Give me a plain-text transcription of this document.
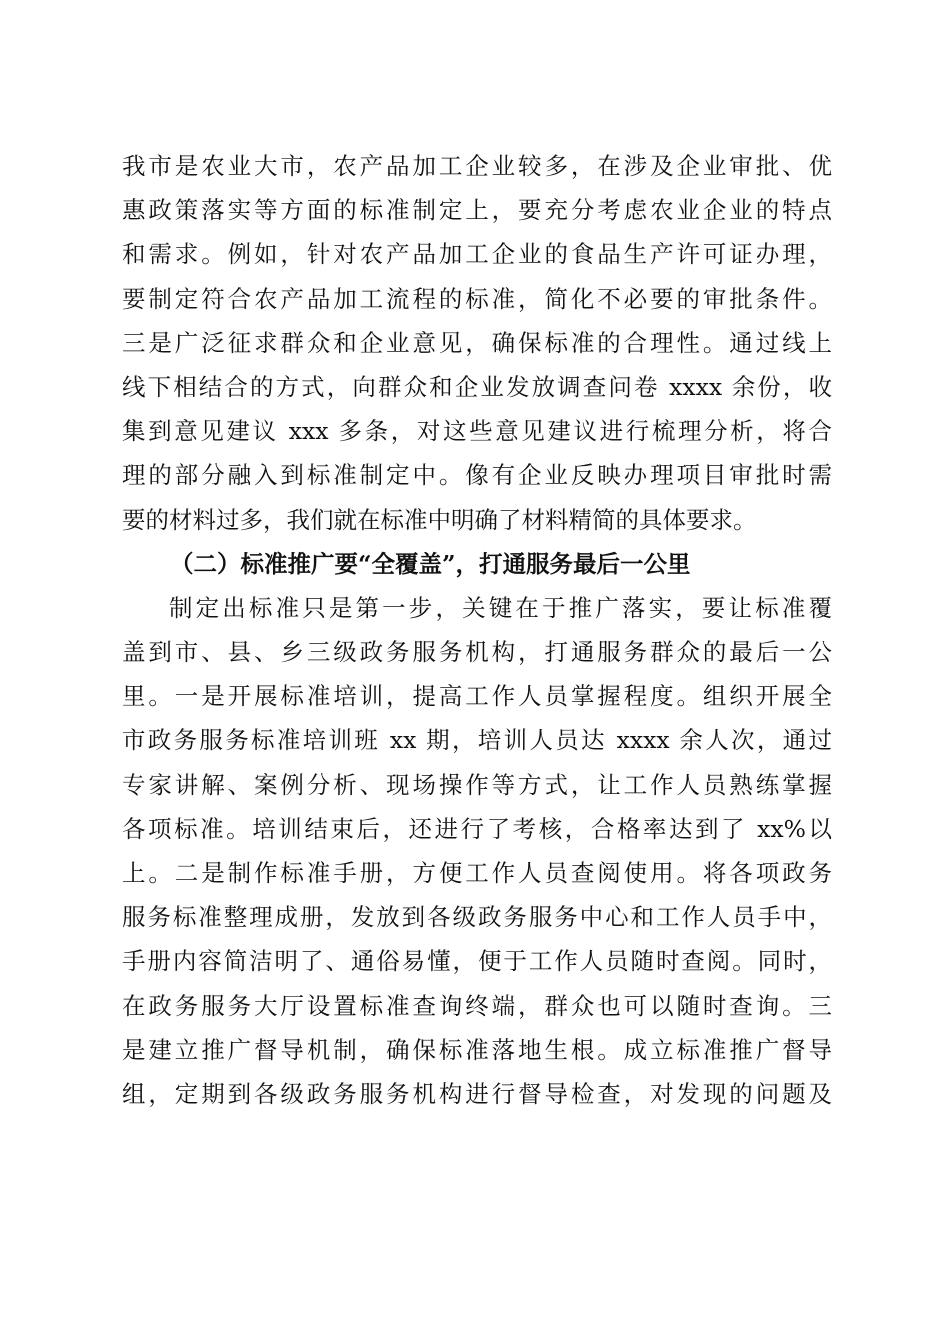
我市是农业大市，农产品加工企业较多，在涉及企业审批、优
惠政策落实等方面的标准制定上，要充分考虑农业企业的特点
和需求。例如，针对农产品加工企业的食品生产许可证办理，
要制定符合农产品加工流程的标准，简化不必要的审批条件。
三是广泛征求群众和企业意见，确保标准的合理性。通过线上
线下相结合的方式，向群众和企业发放调查问卷 xxxx 余份，收
集到意见建议 xxx 多条，对这些意见建议进行梳理分析，将合
理的部分融入到标准制定中。像有企业反映办理项目审批时需
要的材料过多，我们就在标准中明确了材料精简的具体要求。
（二）标准推广要“全覆盖”，打通服务最后一公里
制定出标准只是第一步，关键在于推广落实，要让标准覆
盖到市、县、乡三级政务服务机构，打通服务群众的最后一公
里。一是开展标准培训，提高工作人员掌握程度。组织开展全
市政务服务标准培训班 xx 期，培训人员达 xxxx 余人次，通过
专家讲解、案例分析、现场操作等方式，让工作人员熟练掌握
各项标准。培训结束后，还进行了考核，合格率达到了 xx%以
上。二是制作标准手册，方便工作人员查阅使用。将各项政务
服务标准整理成册，发放到各级政务服务中心和工作人员手中，
手册内容简洁明了、通俗易懂，便于工作人员随时查阅。同时，
在政务服务大厅设置标准查询终端，群众也可以随时查询。三
是建立推广督导机制，确保标准落地生根。成立标准推广督导
组，定期到各级政务服务机构进行督导检查，对发现的问题及
